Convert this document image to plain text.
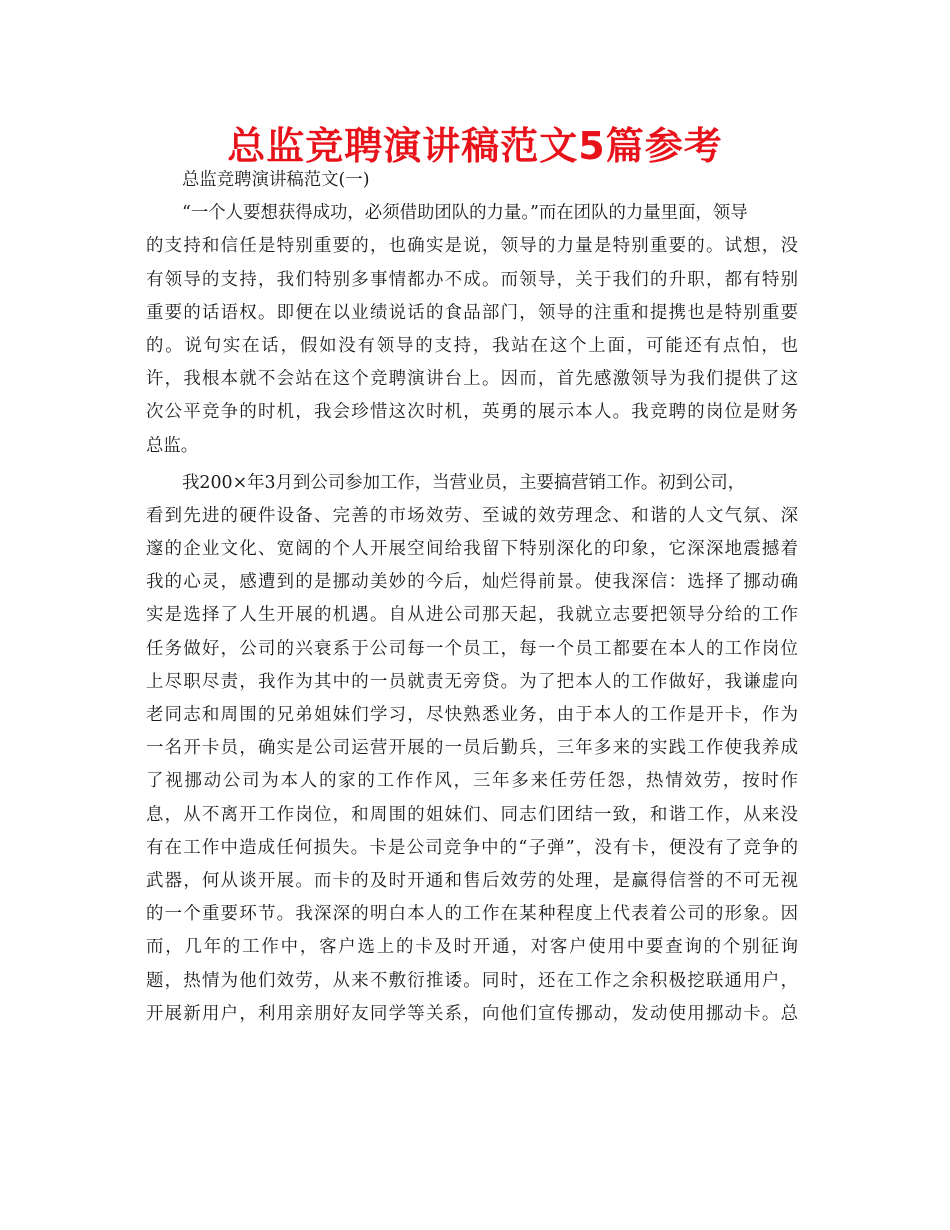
总监竞聘演讲稿范文5篇参考
总监竞聘演讲稿范文(一)
“一个人要想获得成功，必须借助团队的力量。”而在团队的力量里面，领导
的支持和信任是特别重要的，也确实是说，领导的力量是特别重要的。试想，没
有领导的支持，我们特别多事情都办不成。而领导，关于我们的升职，都有特别
重要的话语权。即便在以业绩说话的食品部门，领导的注重和提携也是特别重要
的。说句实在话，假如没有领导的支持，我站在这个上面，可能还有点怕，也
许，我根本就不会站在这个竞聘演讲台上。因而，首先感激领导为我们提供了这
次公平竞争的时机，我会珍惜这次时机，英勇的展示本人。我竞聘的岗位是财务
总监。
我200×年3月到公司参加工作，当营业员，主要搞营销工作。初到公司，
看到先进的硬件设备、完善的市场效劳、至诚的效劳理念、和谐的人文气氛、深
邃的企业文化、宽阔的个人开展空间给我留下特别深化的印象，它深深地震撼着
我的心灵，感遭到的是挪动美妙的今后，灿烂得前景。使我深信：选择了挪动确
实是选择了人生开展的机遇。自从进公司那天起，我就立志要把领导分给的工作
任务做好，公司的兴衰系于公司每一个员工，每一个员工都要在本人的工作岗位
上尽职尽责，我作为其中的一员就责无旁贷。为了把本人的工作做好，我谦虚向
老同志和周围的兄弟姐妹们学习，尽快熟悉业务，由于本人的工作是开卡，作为
一名开卡员，确实是公司运营开展的一员后勤兵，三年多来的实践工作使我养成
了视挪动公司为本人的家的工作作风，三年多来任劳任怨，热情效劳，按时作
息，从不离开工作岗位，和周围的姐妹们、同志们团结一致，和谐工作，从来没
有在工作中造成任何损失。卡是公司竞争中的“子弹”，没有卡，便没有了竞争的
武器，何从谈开展。而卡的及时开通和售后效劳的处理，是赢得信誉的不可无视
的一个重要环节。我深深的明白本人的工作在某种程度上代表着公司的形象。因
而，几年的工作中，客户选上的卡及时开通，对客户使用中要查询的个别征询
题，热情为他们效劳，从来不敷衍推诿。同时，还在工作之余积极挖联通用户，
开展新用户，利用亲朋好友同学等关系，向他们宣传挪动，发动使用挪动卡。总
